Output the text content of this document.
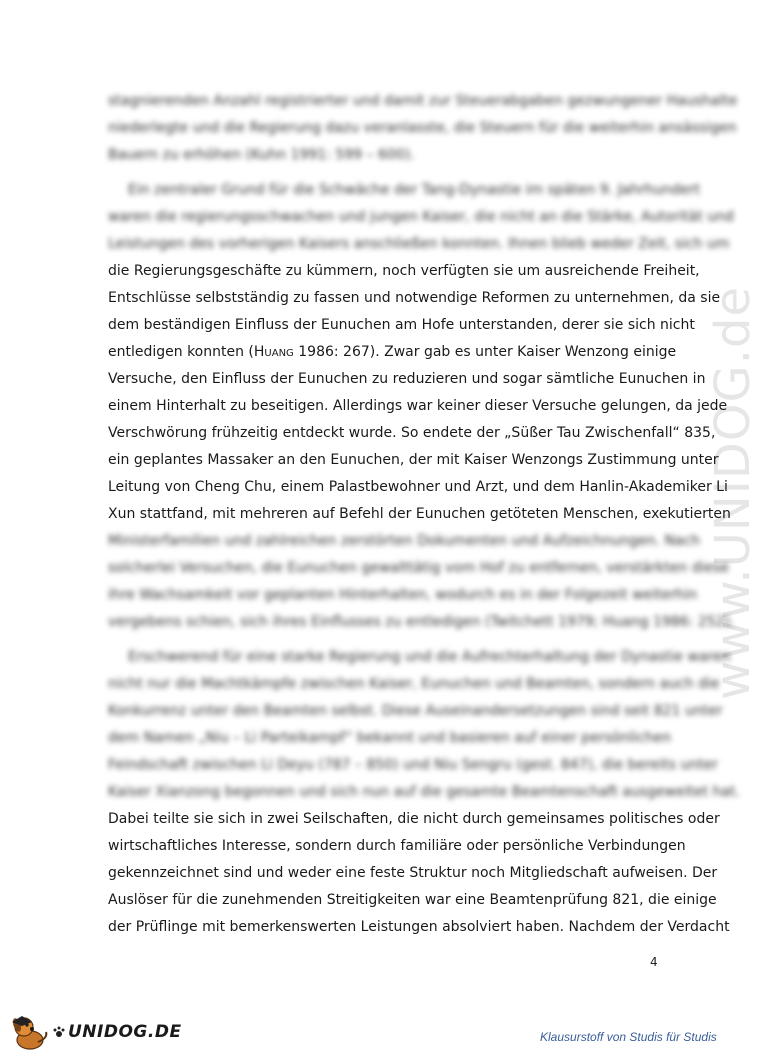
www.UNIDOG.de
stagnierenden Anzahl registrierter und damit zur Steuerabgaben gezwungener Haushalte
niederlegte und die Regierung dazu veranlasste, die Steuern für die weiterhin ansässigen
Bauern zu erhöhen (Kuhn 1991: 599 – 600).
Ein zentraler Grund für die Schwäche der Tang-Dynastie im späten 9. Jahrhundert
waren die regierungsschwachen und jungen Kaiser, die nicht an die Stärke, Autorität und
Leistungen des vorherigen Kaisers anschließen konnten. Ihnen blieb weder Zeit, sich um
die Regierungsgeschäfte zu kümmern, noch verfügten sie um ausreichende Freiheit,
Entschlüsse selbstständig zu fassen und notwendige Reformen zu unternehmen, da sie
dem beständigen Einfluss der Eunuchen am Hofe unterstanden, derer sie sich nicht
entledigen konnten (Huang 1986: 267). Zwar gab es unter Kaiser Wenzong einige
Versuche, den Einfluss der Eunuchen zu reduzieren und sogar sämtliche Eunuchen in
einem Hinterhalt zu beseitigen. Allerdings war keiner dieser Versuche gelungen, da jede
Verschwörung frühzeitig entdeckt wurde. So endete der „Süßer Tau Zwischenfall“ 835,
ein geplantes Massaker an den Eunuchen, der mit Kaiser Wenzongs Zustimmung unter
Leitung von Cheng Chu, einem Palastbewohner und Arzt, und dem Hanlin-Akademiker Li
Xun stattfand, mit mehreren auf Befehl der Eunuchen getöteten Menschen, exekutierten
Ministerfamilien und zahlreichen zerstörten Dokumenten und Aufzeichnungen. Nach
solcherlei Versuchen, die Eunuchen gewalttätig vom Hof zu entfernen, verstärkten diese
ihre Wachsamkeit vor geplanten Hinterhalten, wodurch es in der Folgezeit weiterhin
vergebens schien, sich ihres Einflusses zu entledigen (Twitchett 1979; Huang 1986: 252).
Erschwerend für eine starke Regierung und die Aufrechterhaltung der Dynastie waren
nicht nur die Machtkämpfe zwischen Kaiser, Eunuchen und Beamten, sondern auch die
Konkurrenz unter den Beamten selbst. Diese Auseinandersetzungen sind seit 821 unter
dem Namen „Niu – Li Parteikampf“ bekannt und basieren auf einer persönlichen
Feindschaft zwischen Li Deyu (787 – 850) und Niu Sengru (gest. 847), die bereits unter
Kaiser Xianzong begonnen und sich nun auf die gesamte Beamtenschaft ausgeweitet hat.
Dabei teilte sie sich in zwei Seilschaften, die nicht durch gemeinsames politisches oder
wirtschaftliches Interesse, sondern durch familiäre oder persönliche Verbindungen
gekennzeichnet sind und weder eine feste Struktur noch Mitgliedschaft aufweisen. Der
Auslöser für die zunehmenden Streitigkeiten war eine Beamtenprüfung 821, die einige
der Prüflinge mit bemerkenswerten Leistungen absolviert haben. Nachdem der Verdacht
4
UNIDOG.DE	Klausurstoff von Studis für Studis
